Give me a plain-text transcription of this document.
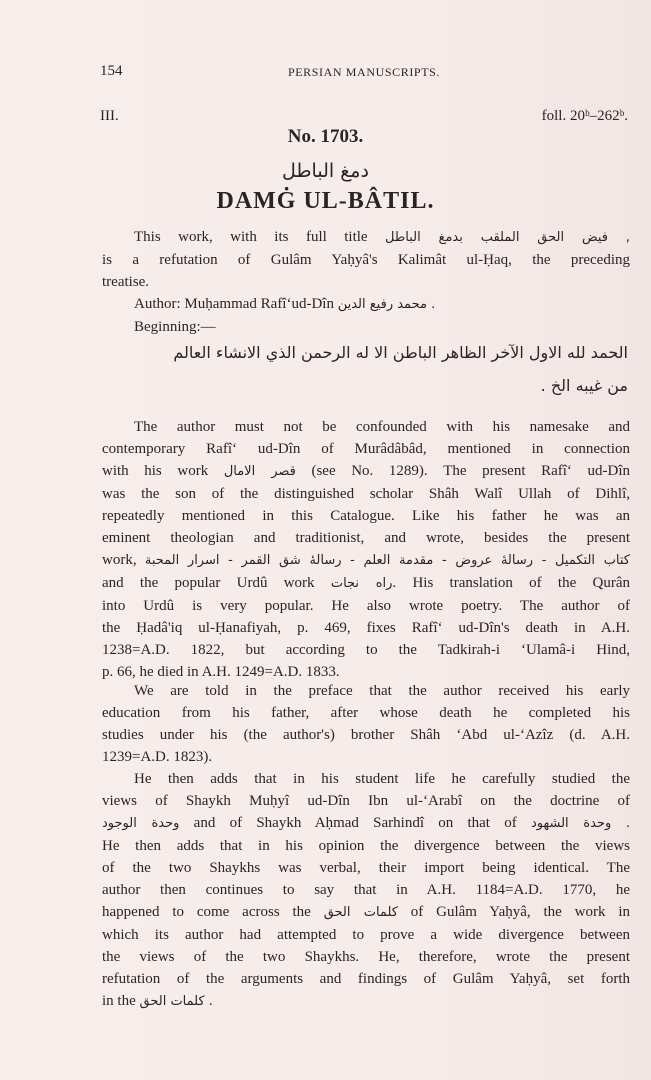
154	PERSIAN MANUSCRIPTS.
III.	foll. 20ᵇ–262ᵇ.
No. 1703.
دمغ الباطل
DAMĠ UL-BÂTIL.
This work, with its full title فيض الحق الملقب بدمغ الباطل ,
is a refutation of Gulâm Yaḥyâ's Kalimât ul-Ḥaq, the preceding
treatise.
Author: Muḥammad Rafî‘ud-Dîn محمد رفيع الدين .
Beginning:—
الحمد لله الاول الآخر الظاهر الباطن الا له الرحمن الذي الانشاء العالم
من غيبه الخ .
The author must not be confounded with his namesake and
contemporary Rafî‘ ud-Dîn of Murâdâbâd, mentioned in connection
with his work قصر الامال (see No. 1289). The present Rafî‘ ud-Dîn
was the son of the distinguished scholar Shâh Walî Ullah of Dihlî,
repeatedly mentioned in this Catalogue. Like his father he was an
eminent theologian and traditionist, and wrote, besides the present
work, كتاب التكميل - رسالهٔ عروض - مقدمة العلم - رسالهٔ شق القمر - اسرار المحبة
and the popular Urdû work راه نجات. His translation of the Qurân
into Urdû is very popular. He also wrote poetry. The author of
the Ḥadâ'iq ul-Ḥanafiyah, p. 469, fixes Rafî‘ ud-Dîn's death in A.H.
1238=A.D. 1822, but according to the Tadkirah-i ‘Ulamâ-i Hind,
p. 66, he died in A.H. 1249=A.D. 1833.
We are told in the preface that the author received his early
education from his father, after whose death he completed his
studies under his (the author's) brother Shâh ‘Abd ul-‘Azîz (d. A.H.
1239=A.D. 1823).
He then adds that in his student life he carefully studied the
views of Shaykh Muḥyî ud-Dîn Ibn ul-‘Arabî on the doctrine of
وحدة الوجود and of Shaykh Aḥmad Sarhindî on that of وحدة الشهود .
He then adds that in his opinion the divergence between the views
of the two Shaykhs was verbal, their import being identical. The
author then continues to say that in A.H. 1184=A.D. 1770, he
happened to come across the كلمات الحق of Gulâm Yaḥyâ, the work in
which its author had attempted to prove a wide divergence between
the views of the two Shaykhs. He, therefore, wrote the present
refutation of the arguments and findings of Gulâm Yaḥyâ, set forth
in the كلمات الحق .
